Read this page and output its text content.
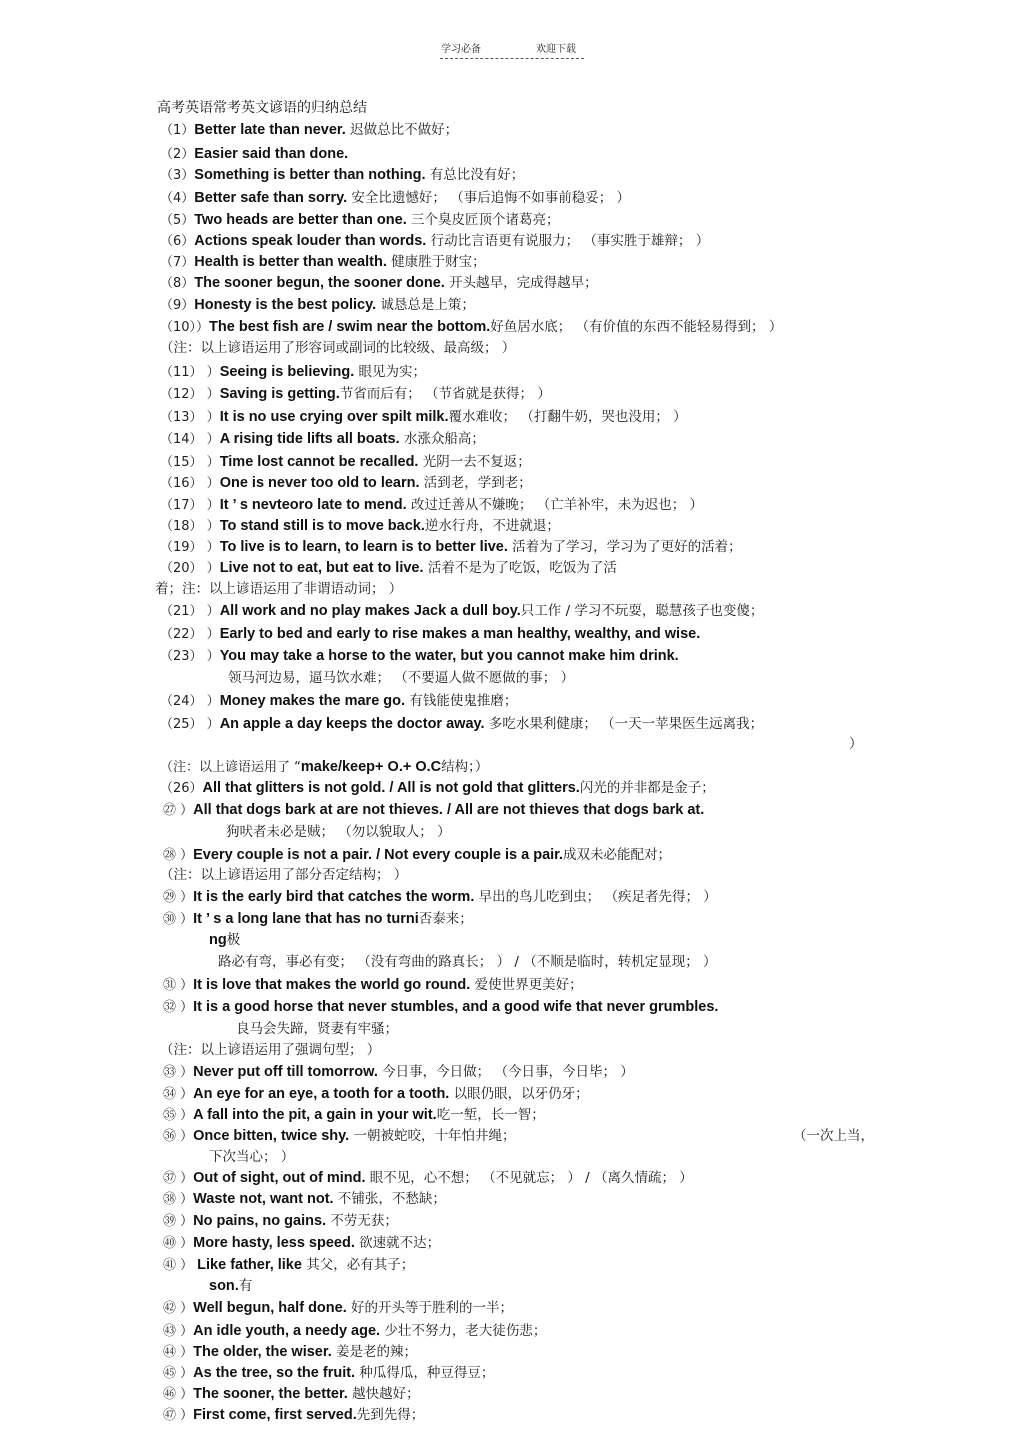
学习必备	欢迎下载
高考英语常考英文谚语的归纳总结
（1）Better late than never. 迟做总比不做好；
（2）Easier said than done.
（3）Something is better than nothing. 有总比没有好；
（4）Better safe than sorry. 安全比遗憾好； （事后追悔不如事前稳妥； ）
（5）Two heads are better than one. 三个臭皮匠顶个诸葛亮；
（6）Actions speak louder than words. 行动比言语更有说服力； （事实胜于雄辩； ）
（7）Health is better than wealth. 健康胜于财宝；
（8）The sooner begun, the sooner done. 开头越早，完成得越早；
（9）Honesty is the best policy. 诚恳总是上策；
（10））The best fish are / swim near the bottom.好鱼居水底； （有价值的东西不能轻易得到； ）
（注：以上谚语运用了形容词或副词的比较级、最高级； ）
（11） ）Seeing is believing. 眼见为实；
（12） ）Saving is getting.节省而后有； （节省就是获得； ）
（13） ）It is no use crying over spilt milk.覆水难收； （打翻牛奶，哭也没用； ）
（14） ）A rising tide lifts all boats. 水涨众船高；
（15） ）Time lost cannot be recalled. 光阴一去不复返；
（16） ）One is never too old to learn. 活到老，学到老；
（17） ）It ’ s nevteoro late to mend. 改过迁善从不嫌晚； （亡羊补牢，未为迟也； ）
（18） ）To stand still is to move back.逆水行舟，不进就退；
（19） ）To live is to learn, to learn is to better live. 活着为了学习，学习为了更好的活着；
（20） ）Live not to eat, but eat to live. 活着不是为了吃饭，吃饭为了活
着；注：以上谚语运用了非谓语动词； ）
（21） ）All work and no play makes Jack a dull boy.只工作 / 学习不玩耍，聪慧孩子也变傻；
（22） ）Early to bed and early to rise makes a man healthy, wealthy, and wise.
（23） ）You may take a horse to the water, but you cannot make him drink.
领马河边易，逼马饮水难； （不要逼人做不愿做的事； ）
（24） ）Money makes the mare go. 有钱能使鬼推磨；
（25） ）An apple a day keeps the doctor away. 多吃水果利健康； （一天一苹果医生远离我；
）
（注：以上谚语运用了 “make/keep+ O.+ O.C结构；）
（26）All that glitters is not gold. / All is not gold that glitters.闪光的并非都是金子；
㉗ ）All that dogs bark at are not thieves. / All are not thieves that dogs bark at.
狗吠者未必是贼； （勿以貌取人； ）
㉘ ）Every couple is not a pair. / Not every couple is a pair.成双未必能配对；
（注：以上谚语运用了部分否定结构； ）
㉙ ）It is the early bird that catches the worm. 早出的鸟儿吃到虫； （疾足者先得； ）
㉚ ）It ’ s a long lane that has no turni否泰来；
ng极
路必有弯，事必有变； （没有弯曲的路真长； ） / （不顺是临时，转机定显现； ）
㉛ ）It is love that makes the world go round. 爱使世界更美好；
㉜ ）It is a good horse that never stumbles, and a good wife that never grumbles.
良马会失蹄，贤妻有牢骚；
（注：以上谚语运用了强调句型； ）
㉝ ）Never put off till tomorrow. 今日事，今日做； （今日事，今日毕； ）
㉞ ）An eye for an eye, a tooth for a tooth. 以眼仍眼，以牙仍牙；
㉟ ）A fall into the pit, a gain in your wit.吃一堑，长一智；
㊱ ）Once bitten, twice shy. 一朝被蛇咬，十年怕井绳；	（一次上当，
下次当心； ）
㊲ ）Out of sight, out of mind. 眼不见，心不想； （不见就忘； ） / （离久情疏； ）
㊳ ）Waste not, want not. 不铺张，不愁缺；
㊴ ）No pains, no gains. 不劳无获；
㊵ ）More hasty, less speed. 欲速就不达；
㊶ ） Like father, like 其父，必有其子；
son.有
㊷ ）Well begun, half done. 好的开头等于胜利的一半；
㊸ ）An idle youth, a needy age. 少壮不努力，老大徒伤悲；
㊹ ）The older, the wiser. 姜是老的辣；
㊺ ）As the tree, so the fruit. 种瓜得瓜，种豆得豆；
㊻ ）The sooner, the better. 越快越好；
㊼ ）First come, first served.先到先得；
